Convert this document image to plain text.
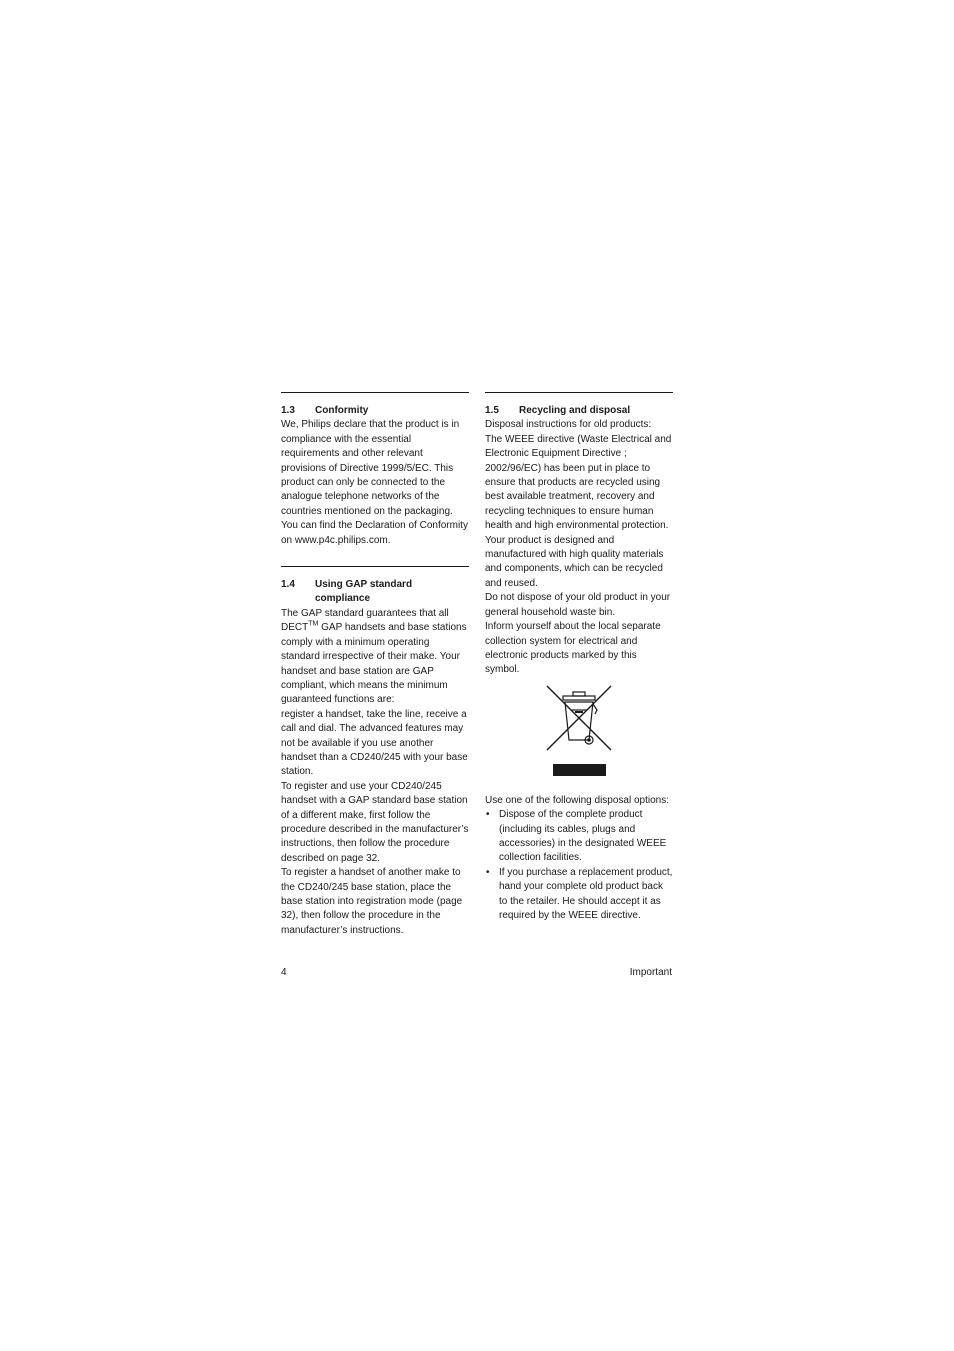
1.3	Conformity

We, Philips declare that the product is in compliance with the essential requirements and other relevant provisions of Directive 1999/5/EC. This product can only be connected to the analogue telephone networks of the countries mentioned on the packaging.

You can find the Declaration of Conformity on www.p4c.philips.com.

1.4	Using GAP standard compliance

The GAP standard guarantees that all DECT™ GAP handsets and base stations comply with a minimum operating standard irrespective of their make. Your handset and base station are GAP compliant, which means the minimum guaranteed functions are:

register a handset, take the line, receive a call and dial. The advanced features may not be available if you use another handset than a CD240/245 with your base station.

To register and use your CD240/245 handset with a GAP standard base station of a different make, first follow the procedure described in the manufacturer’s instructions, then follow the procedure described on page 32.

To register a handset of another make to the CD240/245 base station, place the base station into registration mode (page 32), then follow the procedure in the manufacturer’s instructions.

1.5	Recycling and disposal

Disposal instructions for old products:

The WEEE directive (Waste Electrical and Electronic Equipment Directive ; 2002/96/EC) has been put in place to ensure that products are recycled using best available treatment, recovery and recycling techniques to ensure human health and high environmental protection.

Your product is designed and manufactured with high quality materials and components, which can be recycled and reused.

Do not dispose of your old product in your general household waste bin.

Inform yourself about the local separate collection system for electrical and electronic products marked by this symbol.

Use one of the following disposal options:

• Dispose of the complete product (including its cables, plugs and accessories) in the designated WEEE collection facilities.
• If you purchase a replacement product, hand your complete old product back to the retailer. He should accept it as required by the WEEE directive.
4	Important
